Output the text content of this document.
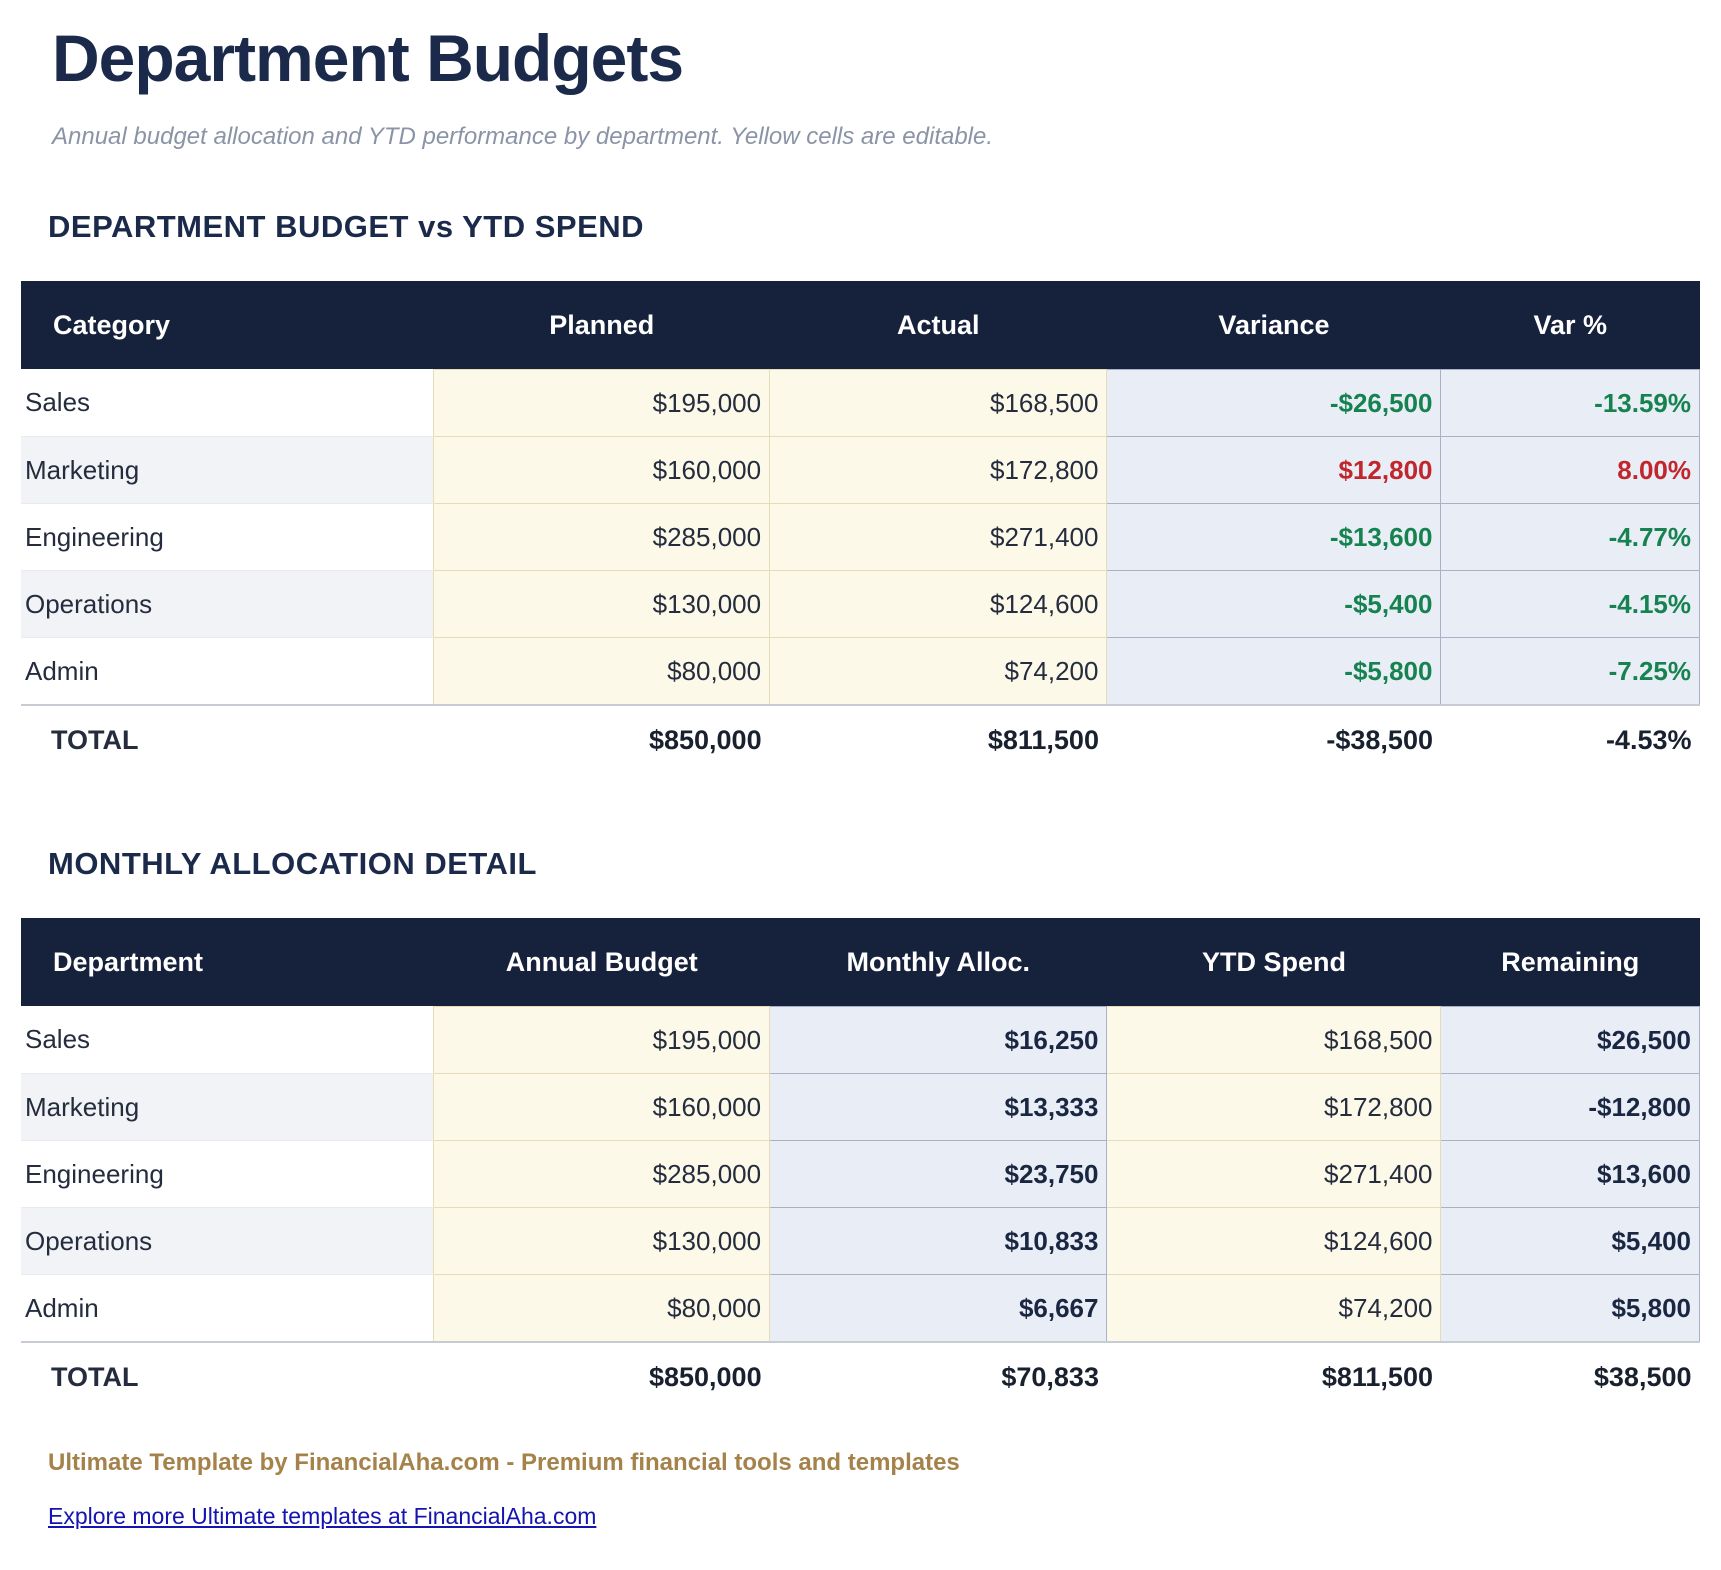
Department Budgets
Annual budget allocation and YTD performance by department. Yellow cells are editable.
DEPARTMENT BUDGET vs YTD SPEND
Category	Planned	Actual	Variance	Var %
Sales	$195,000	$168,500	-$26,500	-13.59%
Marketing	$160,000	$172,800	$12,800	8.00%
Engineering	$285,000	$271,400	-$13,600	-4.77%
Operations	$130,000	$124,600	-$5,400	-4.15%
Admin	$80,000	$74,200	-$5,800	-7.25%
TOTAL	$850,000	$811,500	-$38,500	-4.53%
MONTHLY ALLOCATION DETAIL
Department	Annual Budget	Monthly Alloc.	YTD Spend	Remaining
Sales	$195,000	$16,250	$168,500	$26,500
Marketing	$160,000	$13,333	$172,800	-$12,800
Engineering	$285,000	$23,750	$271,400	$13,600
Operations	$130,000	$10,833	$124,600	$5,400
Admin	$80,000	$6,667	$74,200	$5,800
TOTAL	$850,000	$70,833	$811,500	$38,500
Ultimate Template by FinancialAha.com - Premium financial tools and templates
Explore more Ultimate templates at FinancialAha.com
